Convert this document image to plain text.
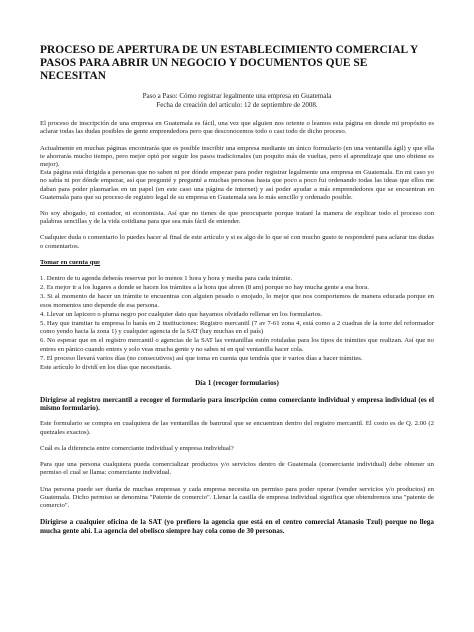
PROCESO DE APERTURA DE UN ESTABLECIMIENTO COMERCIAL Y PASOS PARA ABRIR UN NEGOCIO Y DOCUMENTOS QUE SE NECESITAN
Paso a Paso: Cómo registrar legalmente una empresa en Guatemala
Fecha de creación del artículo: 12 de septiembre de 2008.

El proceso de inscripción de una empresa en Guatemala es fácil, una vez que alguien nos oriente o leamos esta página en donde mi propósito es aclarar todas las dudas posibles de gente emprendedora pero que desconocemos todo o casi todo de dicho proceso.

Actualmente en muchas páginas encontrarás que es posible inscribir una empresa mediante un único formulario (en una ventanilla ágil) y que ella te ahorrarás mucho tiempo, pero mejor optó por seguir los pasos tradicionales (un poquito más de vueltas, pero el aprendizaje que uno obtiene es mejor).

Esta página está dirigida a personas que no saben ni por dónde empezar para poder registrar legalmente una empresa en Guatemala. En mi caso yo no sabía ni por dónde empezar, así que pregunté y pregunté a muchas personas hasta que poco a poco fui ordenando todas las ideas que ellos me daban para poder plasmarlas en un papel (en este caso una página de internet) y así poder ayudar a más emprendedores que se encuentran en Guatemala para que su proceso de registro legal de su empresa en Guatemala sea lo más sencillo y ordenado posible.

No soy abogado, ni contador, ni economista. Así que no tienes de que preocuparte porque trataré la manera de explicar todo el proceso con palabras sencillas y de la vida cotidiana para que sea más fácil de entender.

Cualquier duda o comentario lo puedes hacer al final de este artículo y si es algo de lo que sé con mucho gusto te responderé para aclarar tus dudas o comentarios.

Tomar en cuenta que

1. Dentro de tu agenda deberás reservar por lo menos 1 hora y hora y media para cada trámite.

2. Es mejor ir a los lugares a donde se hacen los trámites a la hora que abren (8 am) porque no hay mucha gente a esa hora.

3. Si al momento de hacer un trámite te encuentras con alguien pesado o enojado, lo mejor que nos comportemos de manera educada porque en esos momentos uno depende de esa persona.

4. Llevar un lapicero o pluma negro por cualquier dato que hayamos olvidado rellenar en los formularios.

5. Hay que tramitar tu empresa lo harás en 2 instituciones: Registro mercantil (7 av 7-61 zona 4, está como a 2 cuadras de la torre del reformador como yendo hacia la zona 1) y cualquier agencia de la SAT (hay muchas en el país)

6. No esperar que en el registro mercantil o agencias de la SAT las ventanillas estén rotuladas para los tipos de trámites que realizan. Así que no entres en pánico cuando entres y solo veas mucha gente y no sabes ni en qué ventanilla hacer cola.

7. El proceso llevará varios días (no consecutivos) así que toma en cuenta que tendrás que ir varios días a hacer trámites.

Este artículo lo dividí en los días que necesitarás.

Día 1 (recoger formularios)

Dirigirse al registro mercantil a recoger el formulario para inscripción como comerciante individual y empresa individual (es el mismo formulario).

Este formulario se compra en cualquiera de las ventanillas de banrural que se encuentran dentro del registro mercantil. El costo es de Q. 2.00 (2 quetzales exactos).

Cuál es la diferencia entre comerciante individual y empresa individual?

Para que una persona cualquiera pueda comercializar productos y/o servicios dentro de Guatemala (comerciante individual) debe obtener un permiso el cual se llama: comerciante individual.

Una persona puede ser dueña de muchas empresas y cada empresa necesita un permiso para poder operar (vender servicios y/o productos) en Guatemala. Dicho permiso se denomina "Patente de comercio". Llenar la casilla de empresa individual significa que obtendremos una "patente de comercio".

Dirigirse a cualquier oficina de la SAT (yo prefiero la agencia que está en el centro comercial Atanasio Tzul) porque no llega mucha gente ahí. La agencia del obelisco siempre hay cola como de 30 personas.
